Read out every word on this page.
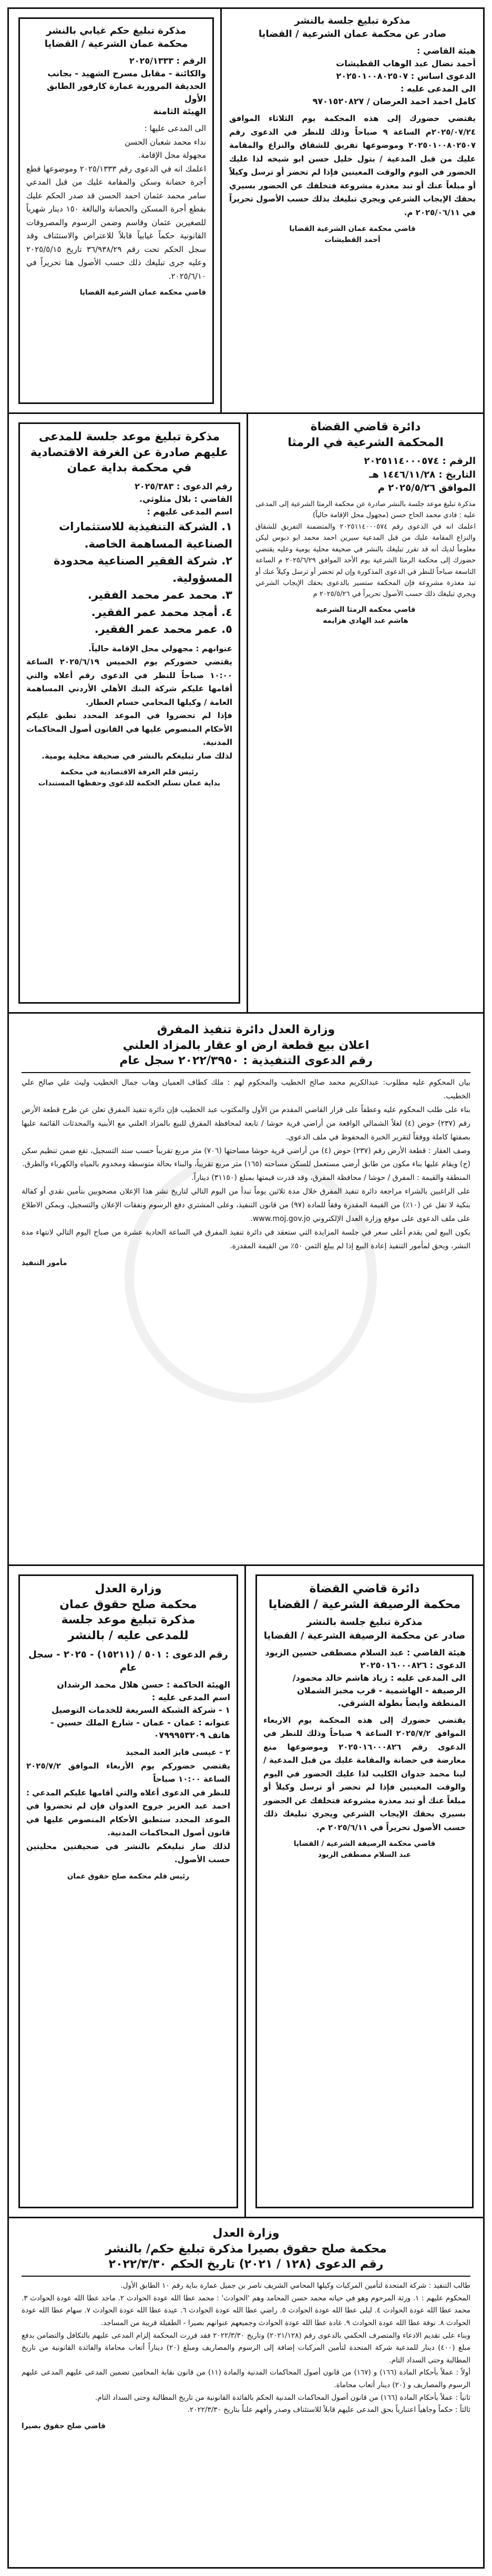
مذكرة تبليغ جلسة بالنشر
صادر عن محكمة عمان الشرعية / القضايا
هيئة القاضي :
أحمد نضال عبد الوهاب القطيشات
الدعوى اساس : ٢٠٢٥٠١٠٠٨٠٢٥٠٧
الى المدعى عليه :
كامل احمد احمد العرضان / ٩٧٠١٥٢٠٨٢٧
يقتضي حضورك إلى هذه المحكمة يوم الثلاثاء الموافق ٢٠٢٥/٠٧/٢٤م الساعة ٩ صباحاً وذلك للنظر في الدعوى رقم ٢٠٢٥٠١٠٠٨٠٢٥٠٧ وموضوعها تفريق للشقاق والنزاع والمقامة عليك من قبل المدعية / بتول خليل حسن ابو شيخه لذا عليك الحضور في اليوم والوقت المعينين فإذا لم تحضر أو ترسل وكيلاً أو مبلغاً عنك أو تبد معذرة مشروعة فتخلفك عن الحضور بسيري بحقك الإيجاب الشرعي ويجري تبليغك بذلك حسب الأصول تحريراً في ٢٠٢٥/٠٦/١١ م.
قاضي محكمة عمان الشرعية القضايا
أحمد القطيشات
مذكرة تبليغ حكم غيابي بالنشر
محكمة عمان الشرعية / القضايا
الرقم : ٢٠٢٥/١٣٣٣
والكائنة - مقابل مسرح الشهيد - بجانب الحديقة المرورية عمارة كارفور الطابق الأول
الهيئة الثامنة
الى المدعى عليها :
نداء محمد شعبان الحسن
مجهولة محل الإقامة.
اعلمك انه في الدعوى رقم ٢٠٢٥/١٣٣٣ وموضوعها قطع أجرة حضانة وسكن والمقامة عليك من قبل المدعي سامر محمد عثمان احمد الحسن قد صدر الحكم عليك بقطع أجرة المسكن والحضانة والبالغة ١٥٠ دينار شهرياً للصغيرين عثمان وقاسم وضمن الرسوم والمصروفات القانونية حكماً غيابياً قابلاً للاعتراض والاستئناف وقد سجل الحكم تحت رقم ٣٦/٩٣٨/٢٩ تاريخ ٢٠٢٥/٥/١٥ وعليه جرى تبليغك ذلك حسب الأصول هنا تحريراً في ٢٠٢٥/٦/١٠.
قاضي محكمة عمان الشرعية القضايا
دائرة قاضي القضاة
المحكمة الشرعية في الرمثا
الرقم : ٢٠٢٥١١٤٠٠٠٥٧٤
التاريخ : ١٤٤٦/١١/٢٨ هـ
الموافق ٢٠٢٥/٥/٢٦ م
مذكرة تبليغ موعد جلسة بالنشر صادرة عن محكمة الرمثا الشرعية إلى المدعى عليه : فادي محمد الحاج حسن (مجهول محل الإقامة حالياً)
اعلمك انه في الدعوى رقم ٢٠٢٥١١٤٠٠٠٥٧٤ والمتضمنة التفريق للشقاق والنزاع المقامة عليك من قبل المدعية سيرين احمد محمد ابو دبوس ليكن معلوماً لديك أنه قد تقرر تبليغك بالنشر في صحيفة محلية يومية وعليه يقتضي حضورك إلى محكمة الرمثا الشرعية يوم الأحد الموافق ٢٠٢٥/٦/٢٩ م الساعة التاسعة صباحاً للنظر في الدعوى المذكورة وإن لم تحضر أو ترسل وكيلاً عنك أو تبد معذرة مشروعة فإن المحكمة ستسير بالدعوى بحقك الإيجاب الشرعي ويجري تبليغك ذلك حسب الأصول تحريراً في ٢٠٢٥/٥/٢٦ م
قاضي محكمة الرمثا الشرعية
هاشم عبد الهادي هزايمه
مذكرة تبليغ موعد جلسة للمدعى عليهم صادرة عن الغرفة الاقتصادية في محكمة بداية عمان
رقم الدعوى : ٢٠٢٥/٣٨٣
القاضي : بلال مثلوثي.
اسم المدعى عليهم :
١. الشركة التنفيذية للاستثمارات الصناعية المساهمة الخاصة.
٢. شركة الفقير الصناعية محدودة المسؤولية.
٣. محمد عمر محمد الفقير.
٤. أمجد محمد عمر الفقير.
٥. عمر محمد عمر الفقير.
عنوانهم : مجهولي محل الإقامة حالياً.
يقتضي حضوركم يوم الخميس ٢٠٢٥/٦/١٩ الساعة ١٠:٠٠ صباحاً للنظر في الدعوى رقم أعلاه والتي أقامها عليكم شركة البنك الأهلي الأردني المساهمة العامة / وكيلها المحامي حسام العطار.
فإذا لم تحضروا في الموعد المحدد تطبق عليكم الأحكام المنصوص عليها في القانون أصول المحاكمات المدنية.
لذلك صار تبليغكم بالنشر في صحيفة محلية يومية.
رئيس قلم الغرفة الاقتصادية في محكمة
بداية عمان تسلم الحكمة للدعوى وحفظها المستندات
وزارة العدل دائرة تنفيذ المفرق
اعلان بيع قطعة ارض او عقار بالمزاد العلني
رقم الدعوى التنفيذية : ٢٠٢٢/٣٩٥٠ سجل عام
بيان المحكوم عليه مطلوب: عبدالكريم محمد صالح الخطيب والمحكوم لهم : ملك كطاف العميان وهاب جمال الخطيب وليث علي صالح علي الخطيب.
بناء على طلب المحكوم عليه وعطفاً على قرار القاضي المقدم من الأول والمكتوب عبد الخطيب فإن دائرة تنفيذ المفرق تعلن عن طرح قطعة الأرض رقم (٢٣٧) حوض (٤) لغلاً الشمالي الواقعة من أراضي قرية حوشا / تابعة لمحافظة المفرق للبيع بالمزاد العلني مع الأبنية والمحدثات القائمة عليها بصفتها كاملة ووفقاً لتقرير الخبرة المحفوظ في ملف الدعوى.
وصف العقار : قطعة الأرض رقم (٢٣٧) حوض (٤) من أراضي قرية حوشا مساحتها (٧٠٦) متر مربع تقريباً حسب سند التسجيل، تقع ضمن تنظيم سكن (ج) ويقام عليها بناء مكون من طابق أرضي مستعمل للسكن مساحته (١٦٥) متر مربع تقريباً، والبناء بحالة متوسطة ومخدوم بالمياه والكهرباء والطرق.
المنطقة والقيمة : المفرق / حوشا / محافظة المفرق، وقد قدرت قيمتها بمبلغ (٣١١٥٠) ديناراً.
على الراغبين بالشراء مراجعة دائرة تنفيذ المفرق خلال مدة ثلاثين يوماً تبدأ من اليوم التالي لتاريخ نشر هذا الإعلان مصحوبين بتأمين نقدي أو كفالة بنكية لا تقل عن (١٠٪) من القيمة المقدرة وفقاً للمادة (٩٧) من قانون التنفيذ، وعلى المشتري دفع الرسوم ونفقات الإعلان والتسجيل، ويمكن الاطلاع على ملف الدعوى على موقع وزارة العدل الإلكتروني www.moj.gov.jo.
يكون البيع لمن يقدم أعلى سعر في جلسة المزايدة التي ستعقد في دائرة تنفيذ المفرق في الساعة الحادية عشرة من صباح اليوم التالي لانتهاء مدة النشر، ويحق لمأمور التنفيذ إعادة البيع إذا لم يبلغ الثمن ٥٠٪ من القيمة المقدرة.
مأمور التنفيذ
دائرة قاضي القضاة
محكمة الرصيفة الشرعية / القضايا
مذكرة تبليغ جلسة بالنشر
صادر عن محكمة الرصيفة الشرعية / القضايا
هيئة القاضي : عبد السلام مصطفى حسين الزيود
الدعوى : ٢٠٢٥٠١٦٠٠٠٨٢٦
الى المدعى عليه : زياد هاشم خالد محمود/ الرصيفة - الهاشمية - قرب مخبز الشملان المنطقة وايضاً بطولة الشرقي.
يقتضي حضورك إلى هذه المحكمة يوم الاربعاء الموافق ٢٠٢٥/٧/٢ الساعة ٩ صباحاً وذلك للنظر في الدعوى رقم ٢٠٢٥٠١٦٠٠٠٨٢٦ وموضوعها منع معارضة في حضانة والمقامة عليك من قبل المدعية / لينا محمد جدوان الكليب لذا عليك الحضور في اليوم والوقت المعينين فإذا لم تحضر أو ترسل وكيلاً أو مبلغاً عنك أو تبد معذرة مشروعة فتخلفك عن الحضور بسيري بحقك الإيجاب الشرعي ويجري تبليغك ذلك حسب الأصول تحريراً في ٢٠٢٥/٦/١١ م.
قاضي محكمة الرصيفة الشرعية / القضايا
عبد السلام مصطفى الزيود
وزارة العدل
محكمة صلح حقوق عمان
مذكرة تبليغ موعد جلسة
للمدعى عليه / بالنشر
رقم الدعوى : ٥٠١ / (١٥٢١١) - ٢٠٢٥ - سجل عام
الهيئة الحاكمة : حسن هلال محمد الرشدان
اسم المدعى عليه :
١ - شركة الشبكة السريعة للخدمات التوصيل عنوانه : عمان - عمان - شارع الملك حسين - هاتف ٠٧٩٩٩٥٣٢٠٩
٢ - عيسى فايز العبد المجيد
يقتضي حضوركم يوم الأربعاء الموافق ٢٠٢٥/٧/٢ الساعة ١٠:٠٠ صباحاً
للنظر في الدعوى أعلاه والتي أقامها عليكم المدعي : احمد عبد العزيز جروح العدوان فإن لم تحضروا في الموعد المحدد ستطبق الأحكام المنصوص عليها في قانون أصول المحاكمات المدنية.
لذلك صار تبليغكم بالنشر في صحيفتين محليتين حسب الأصول.
رئيس قلم محكمة صلح حقوق عمان
وزارة العدل
محكمة صلح حقوق بصيرا مذكرة تبليغ حكم/ بالنشر
رقم الدعوى (١٢٨ / ٢٠٢١) تاريخ الحكم ٢٠٢٢/٣/٣٠
طالب التنفيذ : شركة المتحدة لتأمين المركبات وكيلها المحامي الشريف ناصر بن جميل عمارة بناية رقم ١٠ الطابق الأول.
المحكوم عليهم : ١. ورثة المرحوم وهو في حياته محمد حسن المحامد وهم 'الحوادث' : محمد عطا الله عودة الحوادث ٢. ماجد عطا الله عودة الحوادث ٣. محمد عطا الله عودة الحوادث ٤. ليلى عطا الله عودة الحوادث ٥. راضي عطا الله عودة الحوادث ٦. عيدة عطا الله عودة الحوادث ٧. سهام عطا الله عودة الحوادث ٨. نوفة عطا الله عودة الحوادث ٩. غادة عطا الله عودة الحوادث وجميعهم عنوانهم بصيرا - الطفيلة قريبة من المساجد.
وبناء على تقديم الادعاء والمتصرف الحكمي بالدعوى رقم (٢٠٢١/١٢٨) وتاريخ ٢٠٢٢/٣/٣٠ فقد قررت المحكمة إلزام المدعى عليهم بالتكافل والتضامن بدفع مبلغ (٤٠٠) دينار للمدعية شركة المتحدة لتأمين المركبات إضافة إلى الرسوم والمصاريف ومبلغ (٢٠) ديناراً أتعاب محاماة والفائدة القانونية من تاريخ المطالبة وحتى السداد التام.
أولاً : عملاً بأحكام المادة (١٦٦) و (١٦٧) من قانون أصول المحاكمات المدنية والمادة (١١) من قانون نقابة المحامين تضمين المدعى عليهم المدعى عليهم الرسوم والمصاريف و (٢٠) دينار أتعاب محاماة.
ثانياً : عملاً بأحكام المادة (١٦٦) من قانون أصول المحاكمات المدنية الحكم بالفائدة القانونية من تاريخ المطالبة وحتى السداد التام.
ثالثاً : حكماً وجاهياً اعتبارياً بحق المدعى عليهم قابلاً للاستئناف وصدر وأفهم علناً بتاريخ ٢٠٢٢/٣/٣٠.
قاضي صلح حقوق بصيرا
